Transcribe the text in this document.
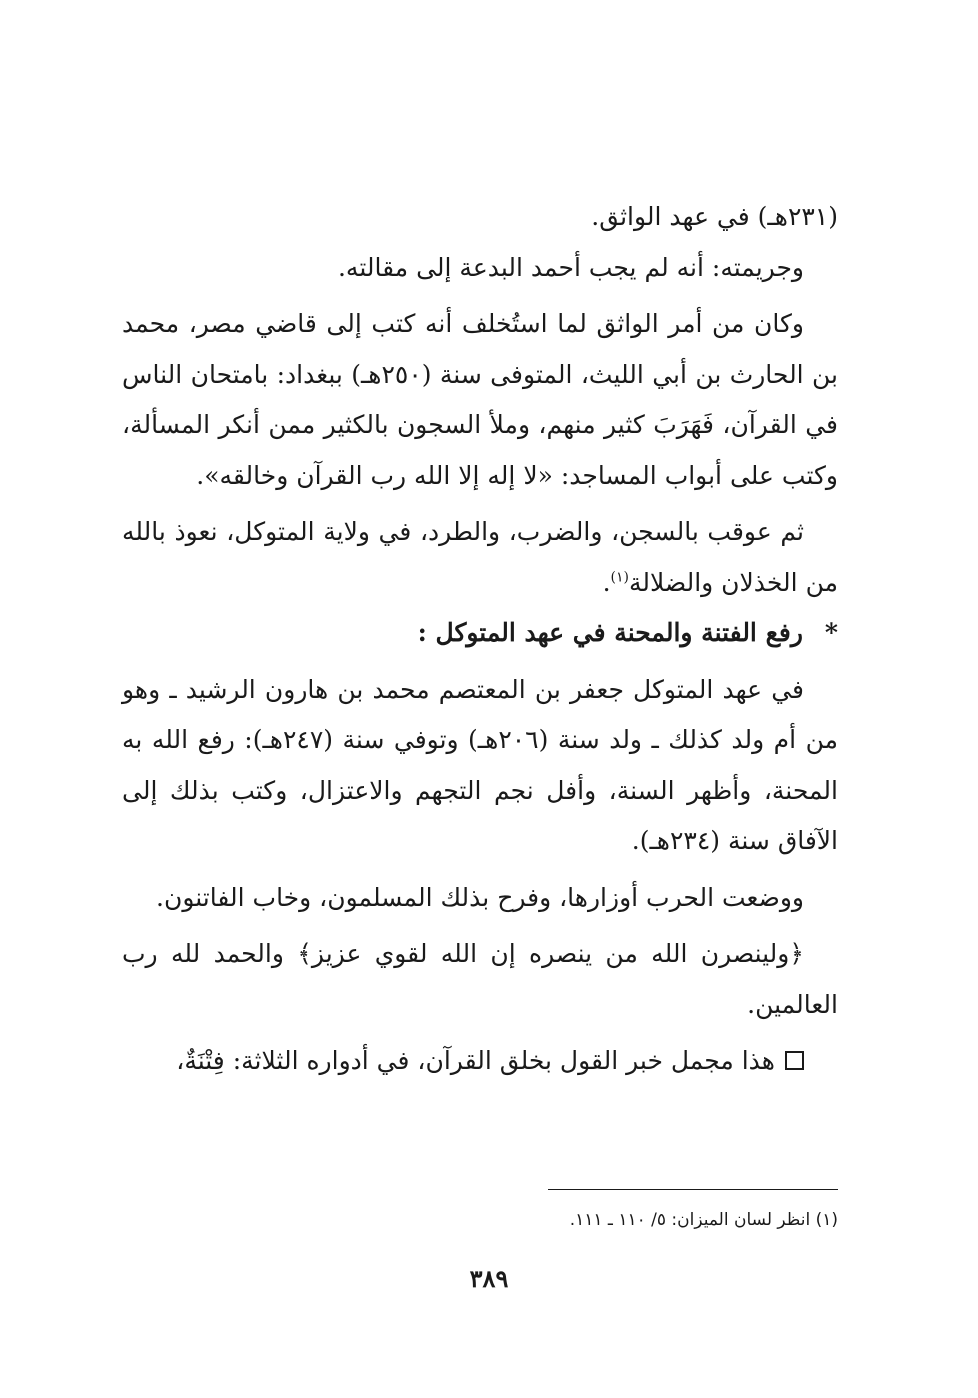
(٢٣١هـ) في عهد الواثق.

وجريمته: أنه لم يجب أحمد البدعة إلى مقالته.

وكان من أمر الواثق لما استُخلف أنه كتب إلى قاضي مصر، محمد بن الحارث بن أبي الليث، المتوفى سنة (٢٥٠هـ) ببغداد: بامتحان الناس في القرآن، فَهَرَبَ كثير منهم، وملأ السجون بالكثير ممن أنكر المسألة، وكتب على أبواب المساجد: «لا إله إلا الله رب القرآن وخالقه».

ثم عوقب بالسجن، والضرب، والطرد، في ولاية المتوكل، نعوذ بالله من الخذلان والضلالة$^{(١)}$.

*رفع الفتنة والمحنة في عهد المتوكل :

في عهد المتوكل جعفر بن المعتصم محمد بن هارون الرشيد ـ وهو من أم ولد كذلك ـ ولد سنة (٢٠٦هـ) وتوفي سنة (٢٤٧هـ): رفع الله به المحنة، وأظهر السنة، وأفل نجم التجهم والاعتزال، وكتب بذلك إلى الآفاق سنة (٢٣٤هـ).

ووضعت الحرب أوزارها، وفرح بذلك المسلمون، وخاب الفاتنون.

﴿ولينصرن الله من ينصره إن الله لقوي عزيز﴾ والحمد لله رب العالمين.

هذا مجمل خبر القول بخلق القرآن، في أدواره الثلاثة: فِتْنَةٌ،

(١) انظر لسان الميزان: ٥/ ١١٠ ـ ١١١.
٣٨٩
